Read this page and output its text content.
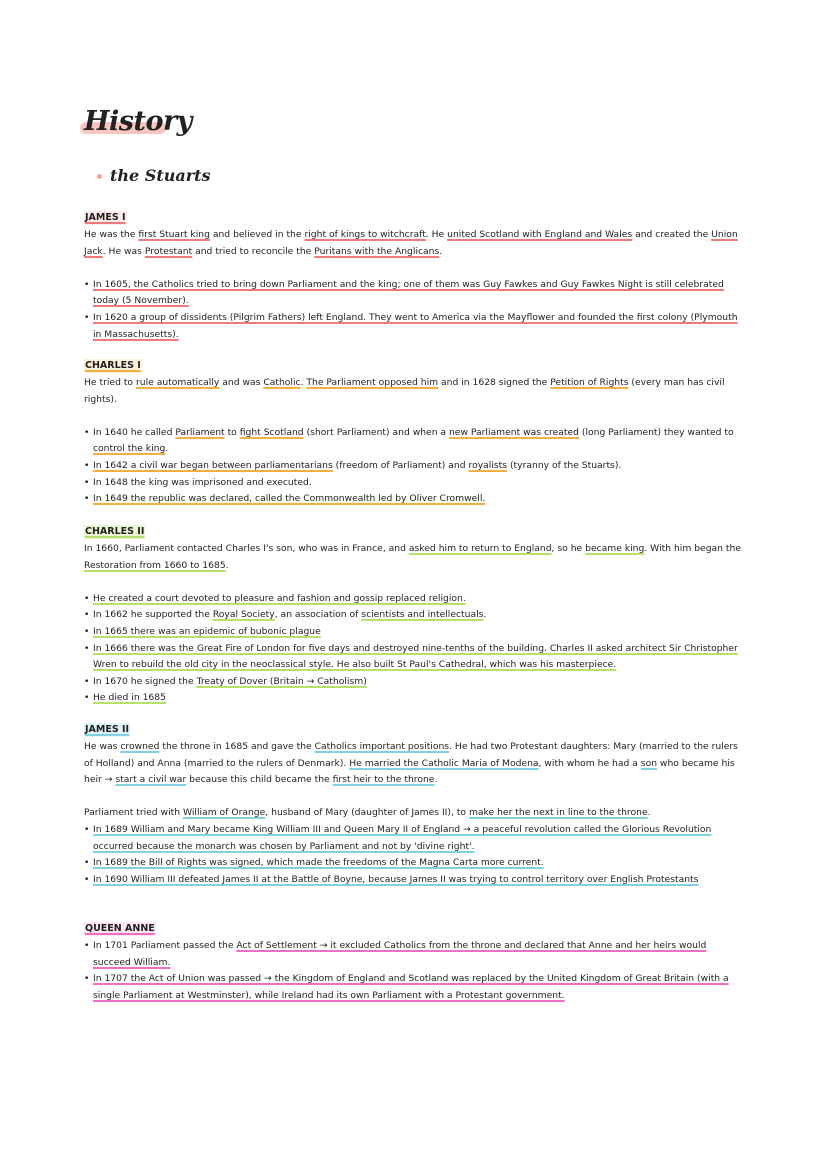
History
the Stuarts
JAMES I

He was the first Stuart king and believed in the right of kings to witchcraft. He united Scotland with England and Wales and created the Union Jack. He was Protestant and tried to reconcile the Puritans with the Anglicans.

• In 1605, the Catholics tried to bring down Parliament and the king; one of them was Guy Fawkes and Guy Fawkes Night is still celebrated today (5 November).
• In 1620 a group of dissidents (Pilgrim Fathers) left England. They went to America via the Mayflower and founded the first colony (Plymouth in Massachusetts).
CHARLES I

He tried to rule automatically and was Catholic. The Parliament opposed him and in 1628 signed the Petition of Rights (every man has civil rights).

• In 1640 he called Parliament to fight Scotland (short Parliament) and when a new Parliament was created (long Parliament) they wanted to control the king.
• In 1642 a civil war began between parliamentarians (freedom of Parliament) and royalists (tyranny of the Stuarts).
• In 1648 the king was imprisoned and executed.
• In 1649 the republic was declared, called the Commonwealth led by Oliver Cromwell.
CHARLES II

In 1660, Parliament contacted Charles I's son, who was in France, and asked him to return to England, so he became king. With him began the Restoration from 1660 to 1685.

• He created a court devoted to pleasure and fashion and gossip replaced religion.
• In 1662 he supported the Royal Society, an association of scientists and intellectuals.
• In 1665 there was an epidemic of bubonic plague
• In 1666 there was the Great Fire of London for five days and destroyed nine-tenths of the building. Charles II asked architect Sir Christopher Wren to rebuild the old city in the neoclassical style. He also built St Paul's Cathedral, which was his masterpiece.
• In 1670 he signed the Treaty of Dover (Britain → Catholism)
• He died in 1685
JAMES II

He was crowned the throne in 1685 and gave the Catholics important positions. He had two Protestant daughters: Mary (married to the rulers of Holland) and Anna (married to the rulers of Denmark). He married the Catholic Maria of Modena, with whom he had a son who became his heir → start a civil war because this child became the first heir to the throne.

Parliament tried with William of Orange, husband of Mary (daughter of James II), to make her the next in line to the throne.

• In 1689 William and Mary became King William III and Queen Mary II of England → a peaceful revolution called the Glorious Revolution occurred because the monarch was chosen by Parliament and not by 'divine right'.
• In 1689 the Bill of Rights was signed, which made the freedoms of the Magna Carta more current.
• In 1690 William III defeated James II at the Battle of Boyne, because James II was trying to control territory over English Protestants
QUEEN ANNE
• In 1701 Parliament passed the Act of Settlement → it excluded Catholics from the throne and declared that Anne and her heirs would succeed William.
• In 1707 the Act of Union was passed → the Kingdom of England and Scotland was replaced by the United Kingdom of Great Britain (with a single Parliament at Westminster), while Ireland had its own Parliament with a Protestant government.
